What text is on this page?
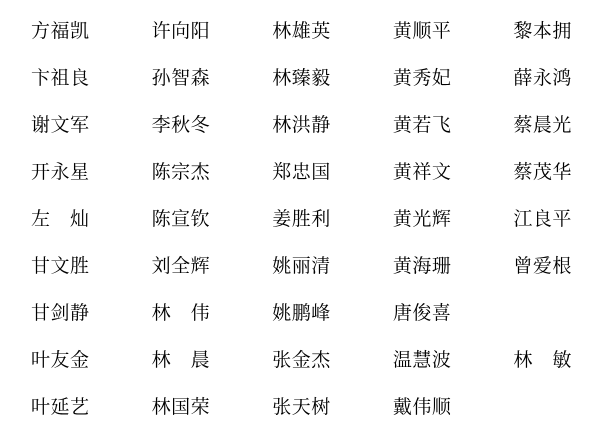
方福凯	许向阳	林雄英	黄顺平	黎本拥
卞祖良	孙智森	林臻毅	黄秀妃	薛永鸿
谢文军	李秋冬	林洪静	黄若飞	蔡晨光
开永星	陈宗杰	郑忠国	黄祥文	蔡茂华
左　灿	陈宣钦	姜胜利	黄光辉	江良平
甘文胜	刘全辉	姚丽清	黄海珊	曾爱根
甘剑静	林　伟	姚鹏峰	唐俊喜
叶友金	林　晨	张金杰	温慧波	林　敏
叶延艺	林国荣	张天树	戴伟顺
